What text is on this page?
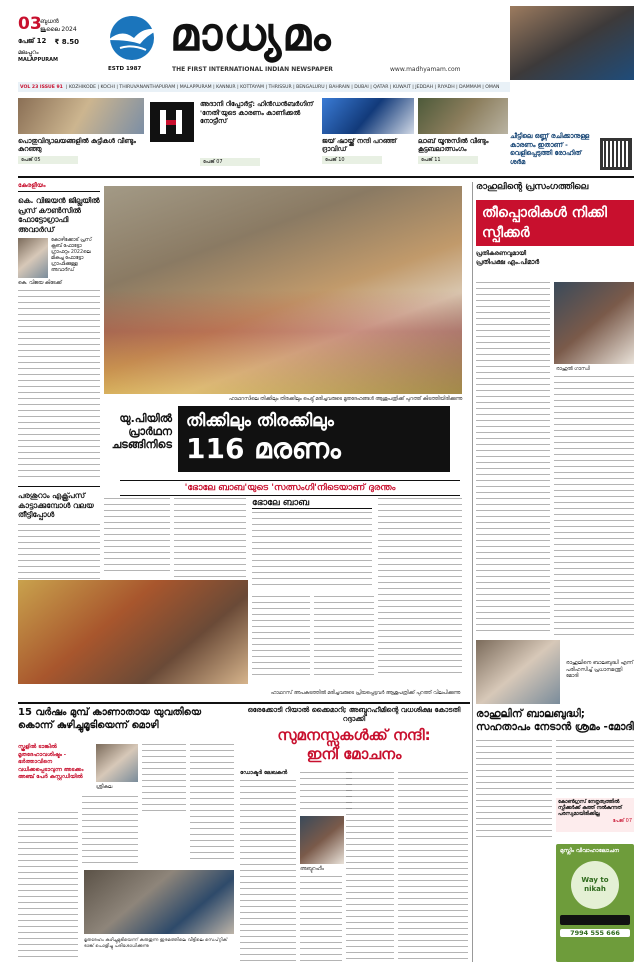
03
ബുധൻ
ജൂലൈ 2024
പേജ് 12 ₹ 8.50
മലപ്പുറം
MALAPPURAM
ESTD 1987
മാധ്യമം
THE FIRST INTERNATIONAL INDIAN NEWSPAPER	www.madhyamam.com
VOL 23 ISSUE 91 | KOZHIKODE | KOCHI | THIRUVANANTHAPURAM | MALAPPURAM | KANNUR | KOTTAYAM | THRISSUR | BENGALURU | BAHRAIN | DUBAI | QATAR | KUWAIT | JEDDAH | RIYADH | DAMMAM | OMAN
പൊതുവിദ്യാലയങ്ങളിൽ കുട്ടികൾ വീണ്ടും കുറഞ്ഞു
പേജ് 05
അദാനി റിപ്പോർട്ട്: ഹിൻഡൻബർഗിന് 'നേതി'യുടെ കാരണം കാണിക്കൽ നോട്ടീസ്
പേജ് 07
ജയ് ഷായ്ക്ക് നന്ദി പറഞ്ഞ് ദ്രാവിഡ്
പേജ് 10
ലാബ് യൂനുസിൽ വീണ്ടും കൂട്ടബലാത്സംഗം
പേജ് 11
ചീട്ടിലെ ഒണ്ണ് രചിക്കാനുള്ള കാരണം ഇതാണ് - വെളിപ്പെടുത്തി രോഹിത് ശർമ
കേരളീയം
കെ. വിജയൻ ജില്ലയിൽ പ്രസ് കൗൺസിൽ ഫോട്ടോഗ്രാഫി അവാർഡ്
കോഴിക്കോട് പ്രസ് ക്ലബ് ഫോട്ടോ ഗ്രാഫറും 2022ലെ മികച്ച ഫോട്ടോ ഗ്രാഫിക്കുള്ള അവാർഡ്
കെ. വിജയ കിടേക്ക്
പരശുറാം എക്സ്പ്രസ് കാട്ടാക്കുമ്പോൾ വലയ തീട്ടിപ്പോൾ
ഹാഥറസിലെ തിക്കിലും തിരക്കിലും പെട്ടു് മരിച്ചവരുടെ മൃതദേഹങ്ങൾ ആശുപത്രിക്ക് പുറത്ത് കിടത്തിയിരിക്കുന്നു
യു.പിയിൽ പ്രാർഥന ചടങ്ങിനിടെ
തിക്കിലും തിരക്കിലും
116 മരണം
'ഭോലേ ബാബ'യുടെ 'സത്സംഗി'നിടെയാണ് ദുരന്തം
ഭോലേ ബാബ
ഹാഥറസ് അപകടത്തിൽ മരിച്ചവരുടെ പ്രിയപ്പെട്ടവർ ആശുപത്രിക്ക് പുറത്ത് വിലപിക്കുന്നു
രാഹുലിന്റെ പ്രസംഗത്തിലെ
തീപ്പൊരികൾ നിക്കി സ്പീക്കർ
പ്രതികരണവുമായി
പ്രതിപക്ഷ എം.പിമാർ
രാഹുൽ ഗാന്ധി
രാഹുലിനെ ബാലബുദ്ധി എന്ന് പരിഹസിച്ച് പ്രധാനമന്ത്രി മോദി
രാഹുലിന് ബാലബുദ്ധി; സഹതാപം നേടാൻ ശ്രമം -മോദി
കോൺഗ്രസ് നേതൃത്വത്തിൽ സ്പീക്കർക്ക് കത്ത് നൽകുന്നത് പരസ്യമായിരിക്കില്ല
പേജ് 07
മുസ്ലിം വിവാഹാലോചന
Way to nikah
7994 555 666
15 വർഷം മുമ്പ് കാണാതായ യുവതിയെ കൊന്ന് കുഴിച്ചുമൂടിയെന്ന് മൊഴി
സ്കൂളിൽ ടാങ്കിൽ മൃതദേഹാവശിഷ്ടം - ഭർത്താവിനെ വധിക്കപ്പെടാവുന്ന അടക്കം അഞ്ച് പേർ കസ്റ്റഡിയിൽ
ശ്രീകല
മൃതദേഹം കുഴിച്ചുമൂടിയെന്ന് കരുതുന്ന ഇരമത്തിലെ വീട്ടിലെ സെപ്റ്റിക് ടാങ്ക് പൊളിച്ചു പരിശോധിക്കുന്നു
ഒരേക്കോടി റിയാൽ ക്കൈമാറി; അബ്ദുറഹീമിന്റെ വധശിക്ഷ കോടതി റദ്ദാക്കി
സുമനസ്സുകൾക്ക് നന്ദി:
ഇനി മോചനം
ഡോക്ടർ ലേഖകൻ
അബ്ദുറഹീം
